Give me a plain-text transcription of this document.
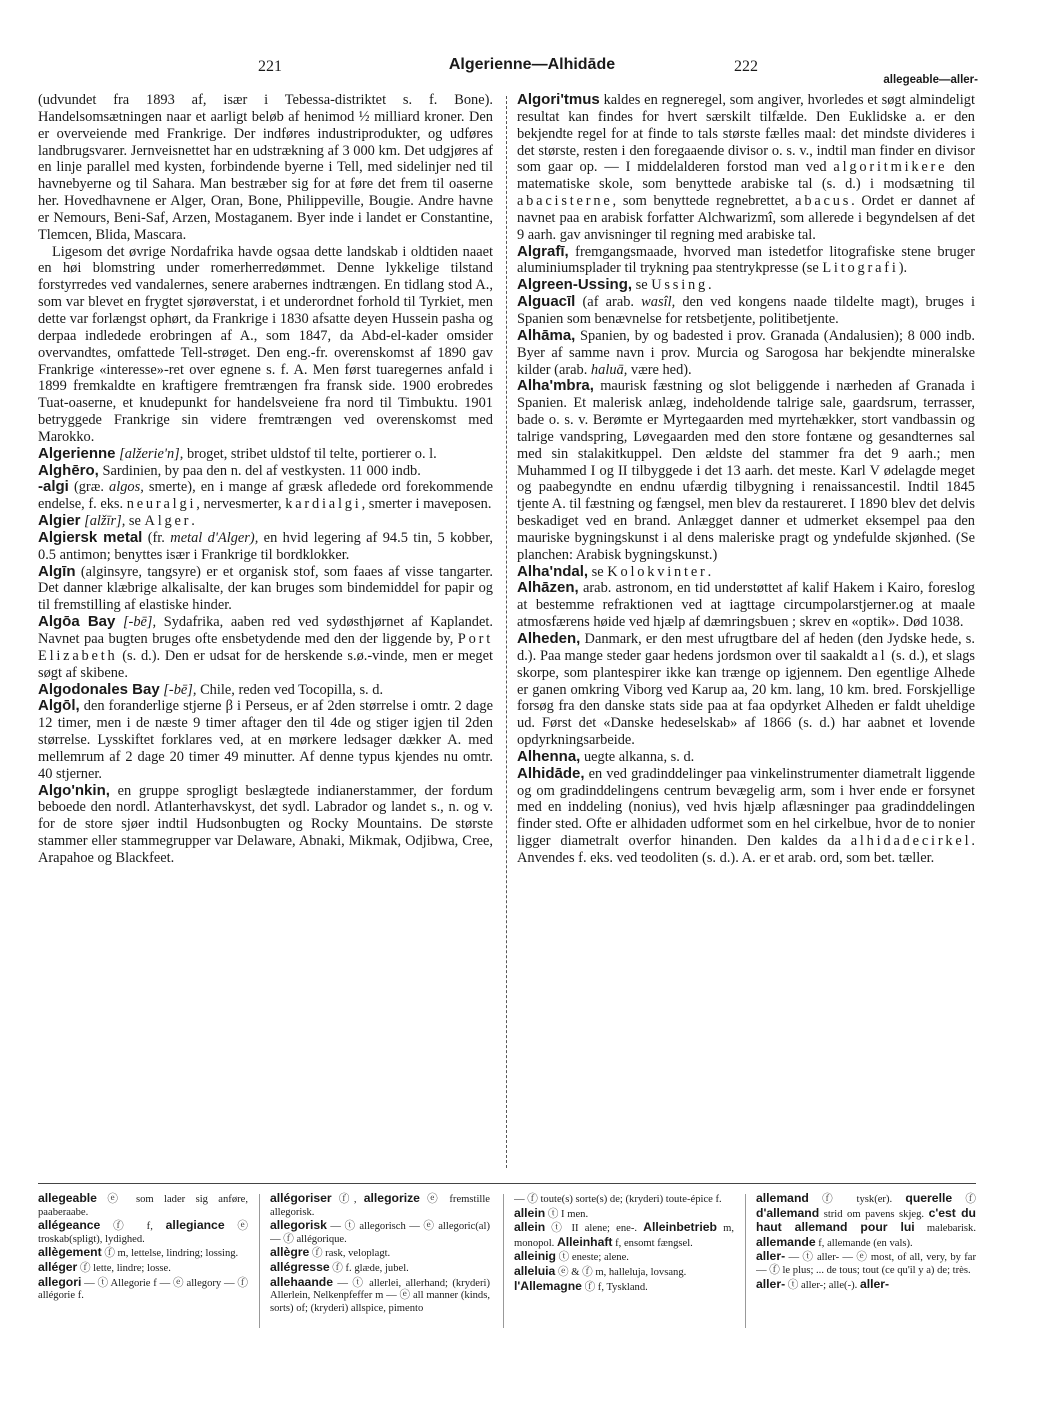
221	Algerienne—Alhidāde	222
allegeable—aller-

(udvundet fra 1893 af, især i Tebessa-distriktet s. f. Bone). Handelsomsætningen naar et aarligt beløb af henimod ½ milliard kroner. Den er overveiende med Frankrige. Der indføres industriprodukter, og udføres landbrugsvarer. Jernveisnettet har en udstrækning af 3 000 km. Det udgjøres af en linje parallel med kysten, forbindende byerne i Tell, med sidelinjer ned til havnebyerne og til Sahara. Man bestræber sig for at føre det frem til oaserne her. Hovedhavnene er Alger, Oran, Bone, Philippeville, Bougie. Andre havne er Nemours, Beni-Saf, Arzen, Mostaganem. Byer inde i landet er Constantine, Tlemcen, Blida, Mascara.

Ligesom det øvrige Nordafrika havde ogsaa dette landskab i oldtiden naaet en høi blomstring under romerherredømmet. Denne lykkelige tilstand forstyrredes ved vandalernes, senere arabernes indtrængen. En tidlang stod A., som var blevet en frygtet sjørøverstat, i et underordnet forhold til Tyrkiet, men dette var forlængst ophørt, da Frankrige i 1830 afsatte deyen Hussein pasha og derpaa indledede erobringen af A., som 1847, da Abd-el-kader omsider overvandtes, omfattede Tell-strøget. Den eng.-fr. overenskomst af 1890 gav Frankrige «interesse»-ret over egnene s. f. A. Men først tuaregernes anfald i 1899 fremkaldte en kraftigere fremtrængen fra fransk side. 1900 erobredes Tuat-oaserne, et knudepunkt for handelsveiene fra nord til Timbuktu. 1901 betryggede Frankrige sin videre fremtrængen ved overenskomst med Marokko.

Algerienne [alžerie'n], broget, stribet uldstof til telte, portierer o. l.

Alghēro, Sardinien, by paa den n. del af vestkysten. 11 000 indb.

-algi (græ. algos, smerte), en i mange af græsk afledede ord forekommende endelse, f. eks. neuralgi, nervesmerter, kardialgi, smerter i maveposen.

Algier [alžīr], se Alger.

Algiersk metal (fr. metal d'Alger), en hvid legering af 94.5 tin, 5 kobber, 0.5 antimon; benyttes især i Frankrige til bordklokker.

Algīn (alginsyre, tangsyre) er et organisk stof, som faaes af visse tangarter. Det danner klæbrige alkalisalte, der kan bruges som bindemiddel for papir og til fremstilling af elastiske hinder.

Algōa Bay [-bē], Sydafrika, aaben red ved sydøsthjørnet af Kaplandet. Navnet paa bugten bruges ofte ensbetydende med den der liggende by, Port Elizabeth (s. d.). Den er udsat for de herskende s.ø.-vinde, men er meget søgt af skibene.

Algodonales Bay [-bē], Chile, reden ved Tocopilla, s. d.

Algōl, den foranderlige stjerne β i Perseus, er af 2den størrelse i omtr. 2 dage 12 timer, men i de næste 9 timer aftager den til 4de og stiger igjen til 2den størrelse. Lysskiftet forklares ved, at en mørkere ledsager dækker A. med mellemrum af 2 dage 20 timer 49 minutter. Af denne typus kjendes nu omtr. 40 stjerner.

Algo'nkin, en gruppe sprogligt beslægtede indianerstammer, der fordum beboede den nordl. Atlanterhavskyst, det sydl. Labrador og landet s., n. og v. for de store sjøer indtil Hudsonbugten og Rocky Mountains. De største stammer eller stammegrupper var Delaware, Abnaki, Mikmak, Odjibwa, Cree, Arapahoe og Blackfeet.

Algori'tmus kaldes en regneregel, som angiver, hvorledes et søgt almindeligt resultat kan findes for hvert særskilt tilfælde. Den Euklidske a. er den bekjendte regel for at finde to tals største fælles maal: det mindste divideres i det største, resten i den foregaaende divisor o. s. v., indtil man finder en divisor som gaar op. — I middelalderen forstod man ved algoritmikere den matematiske skole, som benyttede arabiske tal (s. d.) i modsætning til abacisterne, som benyttede regnebrettet, abacus. Ordet er dannet af navnet paa en arabisk forfatter Alchwarizmî, som allerede i begyndelsen af det 9 aarh. gav anvisninger til regning med arabiske tal.

Algrafī, fremgangsmaade, hvorved man istedetfor litografiske stene bruger aluminiumsplader til trykning paa stentrykpresse (se Litografi).

Algreen-Ussing, se Ussing.

Alguacīl (af arab. wasîl, den ved kongens naade tildelte magt), bruges i Spanien som benævnelse for retsbetjente, politibetjente.

Alhāma, Spanien, by og badested i prov. Granada (Andalusien); 8 000 indb. Byer af samme navn i prov. Murcia og Sarogosa har bekjendte mineralske kilder (arab. haluā, være hed).

Alha'mbra, maurisk fæstning og slot beliggende i nærheden af Granada i Spanien. Et malerisk anlæg, indeholdende talrige sale, gaardsrum, terrasser, bade o. s. v. Berømte er Myrtegaarden med myrtehækker, stort vandbassin og talrige vandspring, Løvegaarden med den store fontæne og gesandternes sal med sin stalakitkuppel. Den ældste del stammer fra det 9 aarh.; men Muhammed I og II tilbyggede i det 13 aarh. det meste. Karl V ødelagde meget og paabegyndte en endnu ufærdig tilbygning i renaissancestil. Indtil 1845 tjente A. til fæstning og fængsel, men blev da restaureret. I 1890 blev det delvis beskadiget ved en brand. Anlægget danner et udmerket eksempel paa den mauriske bygningskunst i al dens maleriske pragt og yndefulde skjønhed. (Se planchen: Arabisk bygningskunst.)

Alha'ndal, se Kolokvinter.

Alhāzen, arab. astronom, en tid understøttet af kalif Hakem i Kairo, foreslog at bestemme refraktionen ved at iagttage circumpolarstjerner.og at maale atmosfærens høide ved hjælp af dæmringsbuen ; skrev en «optik». Død 1038.

Alheden, Danmark, er den mest ufrugtbare del af heden (den Jydske hede, s. d.). Paa mange steder gaar hedens jordsmon over til saakaldt al (s. d.), et slags skorpe, som plantespirer ikke kan trænge op igjennem. Den egentlige Alhede er ganen omkring Viborg ved Karup aa, 20 km. lang, 10 km. bred. Forskjellige forsøg fra den danske stats side paa at faa opdyrket Alheden er faldt uheldige ud. Først det «Danske hedeselskab» af 1866 (s. d.) har aabnet et lovende opdyrkningsarbeide.

Alhenna, uegte alkanna, s. d.

Alhidāde, en ved gradinddelinger paa vinkelinstrumenter diametralt liggende og om gradinddelingens centrum bevægelig arm, som i hver ende er forsynet med en inddeling (nonius), ved hvis hjælp aflæsninger paa gradinddelingen finder sted. Ofte er alhidaden udformet som en hel cirkelbue, hvor de to nonier ligger diametralt overfor hinanden. Den kaldes da alhidadecirkel. Anvendes f. eks. ved teodoliten (s. d.). A. er et arab. ord, som bet. tæller.

allegeable ⓔ som lader sig anføre, paaberaabe.

allégeance ⓕ f, allegiance ⓔ troskab(spligt), lydighed.

allègement ⓕ m, lettelse, lindring; lossing.

alléger ⓕ lette, lindre; losse.

allegori — ⓣ Allegorie f — ⓔ allegory — ⓕ allégorie f.

allégoriser ⓕ, allegorize ⓔ fremstille allegorisk.

allegorisk — ⓣ allegorisch — ⓔ allegoric(al) — ⓕ allégorique.

allègre ⓕ rask, veloplagt.

allégresse ⓕ f. glæde, jubel.

allehaande — ⓣ allerlei, allerhand; (kryderi) Allerlein, Nelkenpfeffer m — ⓔ all manner (kinds, sorts) of; (kryderi) allspice, pimento

— ⓕ toute(s) sorte(s) de; (kryderi) toute-épice f.

allein ⓣ I men.

allein ⓣ II alene; ene-. Alleinbetrieb m, monopol. Alleinhaft f, ensomt fængsel.

alleinig ⓣ eneste; alene.

alleluia ⓔ & ⓕ m, halleluja, lovsang.

l'Allemagne ⓕ f, Tyskland.

allemand ⓕ tysk(er). querelle ⓕ d'allemand strid om pavens skjeg. c'est du haut allemand pour lui malebarisk. allemande f, allemande (en vals).

aller- — ⓣ aller- — ⓔ most, of all, very, by far — ⓕ le plus; ... de tous; tout (ce qu'il y a) de; très.

aller- ⓣ aller-; alle(-). aller-
